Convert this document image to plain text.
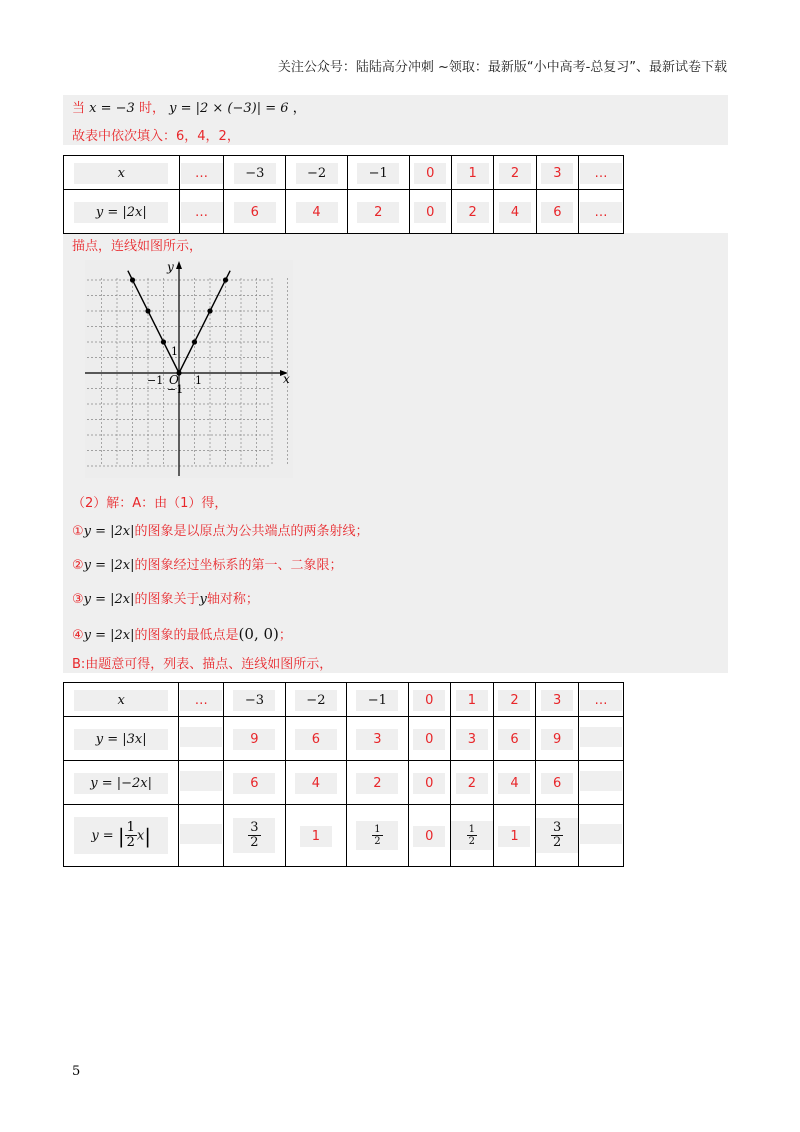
关注公众号：陆陆高分冲刺 ~领取：最新版“小中高考-总复习”、最新试卷下载
当 x = −3 时， y = |2 × (−3)| = 6 ，
故表中依次填入：6，4，2，
x	…	−3	−2	−1	0	1	2	3	…
y = |2x|	…	6	4	2	0	2	4	6	…
描点，连线如图所示，
y
x
O
1
−1	1
−1
（2）解：A：由（1）得，
①y = |2x|的图象是以原点为公共端点的两条射线；
②y = |2x|的图象经过坐标系的第一、二象限；
③y = |2x|的图象关于y轴对称；
④y = |2x|的图象的最低点是(0, 0)；
B:由题意可得，列表、描点、连线如图所示，
x	…	−3	−2	−1	0	1	2	3	…
y = |3x|		9	6	3	0	3	6	9	
y = |−2x|		6	4	2	0	2	4	6	
y = | $\frac{1}{2} x|$		$\frac{3}{2}$	1	$\frac{1}{2}$	0	$\frac{1}{2}$	1	$\frac{3}{2}$

5
